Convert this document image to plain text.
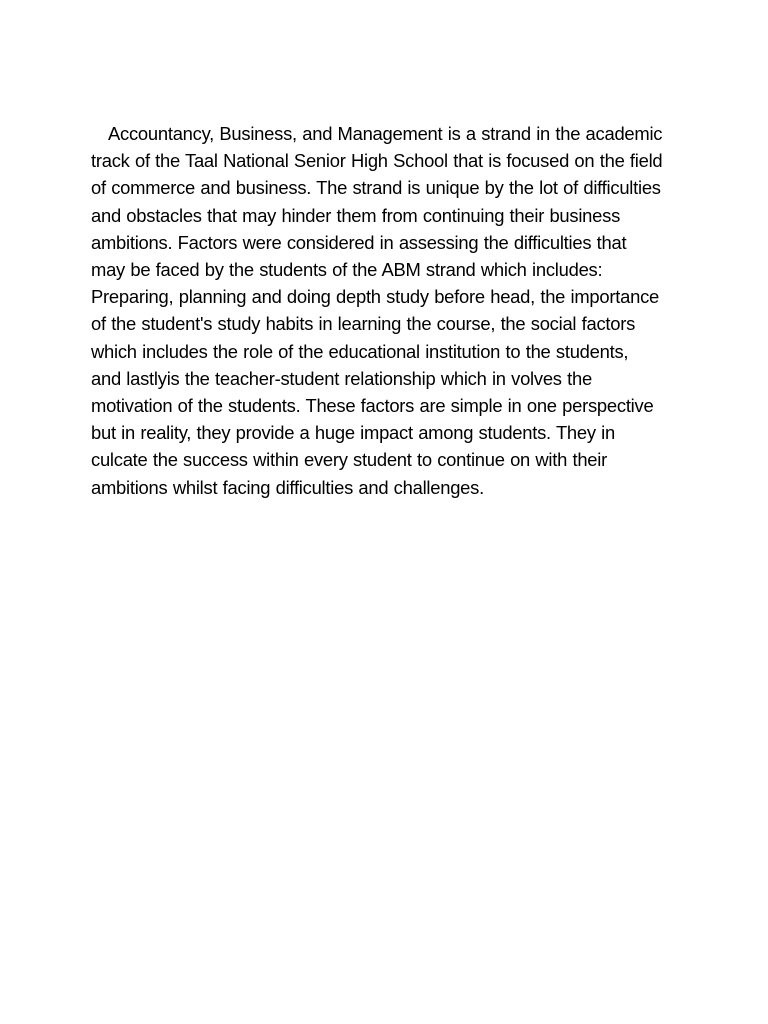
Accountancy, Business, and Management is a strand in the academic
track of the Taal National Senior High School that is focused on the field
of commerce and business. The strand is unique by the lot of difficulties
and obstacles that may hinder them from continuing their business
ambitions. Factors were considered in assessing the difficulties that
may be faced by the students of the ABM strand which includes:
Preparing, planning and doing depth study before head, the importance
of the student's study habits in learning the course, the social factors
which includes the role of the educational institution to the students,
and lastlyis the teacher-student relationship which in volves the
motivation of the students. These factors are simple in one perspective
but in reality, they provide a huge impact among students. They in
culcate the success within every student to continue on with their
ambitions whilst facing difficulties and challenges.
